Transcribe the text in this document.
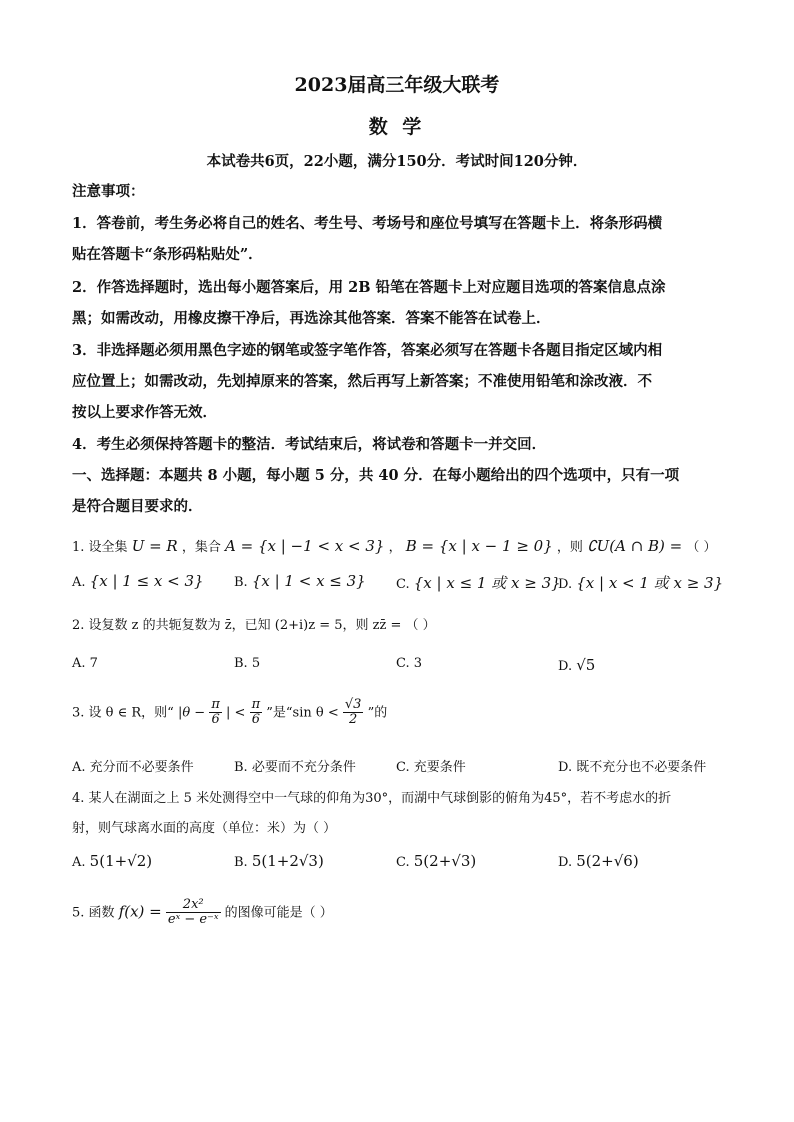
2023届高三年级大联考
数 学
本试卷共6页，22小题，满分150分．考试时间120分钟．
注意事项：
1．答卷前，考生务必将自己的姓名、考生号、考场号和座位号填写在答题卡上．将条形码横
贴在答题卡“条形码粘贴处”．
2．作答选择题时，选出每小题答案后，用 2B 铅笔在答题卡上对应题目选项的答案信息点涂
黑；如需改动，用橡皮擦干净后，再选涂其他答案．答案不能答在试卷上．
3．非选择题必须用黑色字迹的钢笔或签字笔作答，答案必须写在答题卡各题目指定区域内相
应位置上；如需改动，先划掉原来的答案，然后再写上新答案；不准使用铅笔和涂改液．不
按以上要求作答无效．
4．考生必须保持答题卡的整洁．考试结束后，将试卷和答题卡一并交回．
一、选择题：本题共 8 小题，每小题 5 分，共 40 分．在每小题给出的四个选项中，只有一项
是符合题目要求的．
1. 设全集 U = R ，集合 A = {x | −1 < x < 3} ， B = {x | x − 1 ≥ 0} ，则 ∁U(A ∩ B) = （ ）
A. {x | 1 ≤ x < 3} B. {x | 1 < x ≤ 3} C. {x | x ≤ 1 或 x ≥ 3}
D. {x | x < 1 或 x ≥ 3}
2. 设复数 z 的共轭复数为 z̄，已知 (2+i)z = 5，则 zz̄ = （ ）
A. 7	B. 5	C. 3	D. √5
3. 设 θ ∈ R，则“ $|\theta - \frac{\pi}{6}$ | < $\frac{\pi}{6}$ ”是“sin $\theta < \frac{√3}{2}$ ”的
A. 充分而不必要条件	B. 必要而不充分条件	C. 充要条件	D. 既不充分也不必要条件
4. 某人在湖面之上 5 米处测得空中一气球的仰角为30°，而湖中气球倒影的俯角为45°，若不考虑水的折
射，则气球离水面的高度（单位：米）为（ ）
A. 5(1+√2)	B. 5(1+2√3)	C. 5(2+√3)	D. 5(2+√6)
5. 函数 $f(x) = \frac{\text{2x²}}{\text{eˣ − e⁻ˣ}}$ 的图像可能是（ ）
